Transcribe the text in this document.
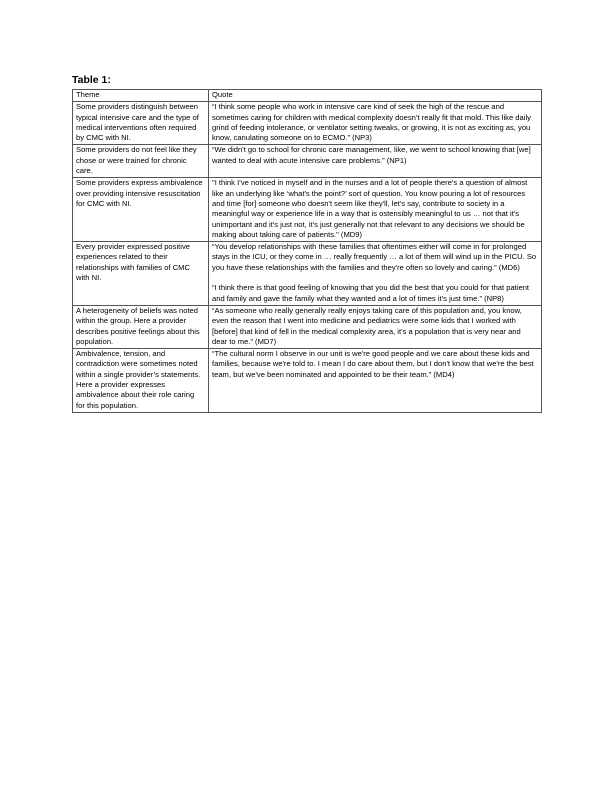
Table 1:

Theme	Quote
Some providers distinguish between typical intensive care and the type of medical interventions often required by CMC with NI.	“I think some people who work in intensive care kind of seek the high of the rescue and sometimes caring for children with medical complexity doesn’t really fit that mold. This like daily grind of feeding intolerance, or ventilator setting tweaks, or growing, it is not as exciting as, you know, canulating someone on to ECMO.” (NP3)

Some providers do not feel like they chose or were trained for chronic care.	“We didn't go to school for chronic care management, like, we went to school knowing that [we] wanted to deal with acute intensive care problems.” (NP1)

Some providers express ambivalence over providing intensive resuscitation for CMC with NI.	"I think I’ve noticed in myself and in the nurses and a lot of people there's a question of almost like an underlying like ‘what's the point?’ sort of question. You know pouring a lot of resources and time [for] someone who doesn't seem like they'll, let's say, contribute to society in a meaningful way or experience life in a way that is ostensibly meaningful to us … not that it's unimportant and it's just not, it's just generally not that relevant to any decisions we should be making about taking care of patients." (MD9)

Every provider expressed positive experiences related to their relationships with families of CMC with NI.	“You develop relationships with these families that oftentimes either will come in for prolonged stays in the ICU, or they come in … really frequently … a lot of them will wind up in the PICU. So you have these relationships with the families and they're often so lovely and caring.” (MD6)
“I think there is that good feeling of knowing that you did the best that you could for that patient and family and gave the family what they wanted and a lot of times it’s just time.” (NP8)

A heterogeneity of beliefs was noted within the group. Here a provider describes positive feelings about this population.	“As someone who really generally really enjoys taking care of this population and, you know, even the reason that I went into medicine and pediatrics were some kids that I worked with [before] that kind of fell in the medical complexity area, it's a population that is very near and dear to me.” (MD7)

Ambivalence, tension, and contradiction were sometimes noted within a single provider’s statements. Here a provider expresses ambivalence about their role caring for this population.	“The cultural norm I observe in our unit is we're good people and we care about these kids and families, because we're told to. I mean I do care about them, but I don't know that we're the best team, but we've been nominated and appointed to be their team.” (MD4)
